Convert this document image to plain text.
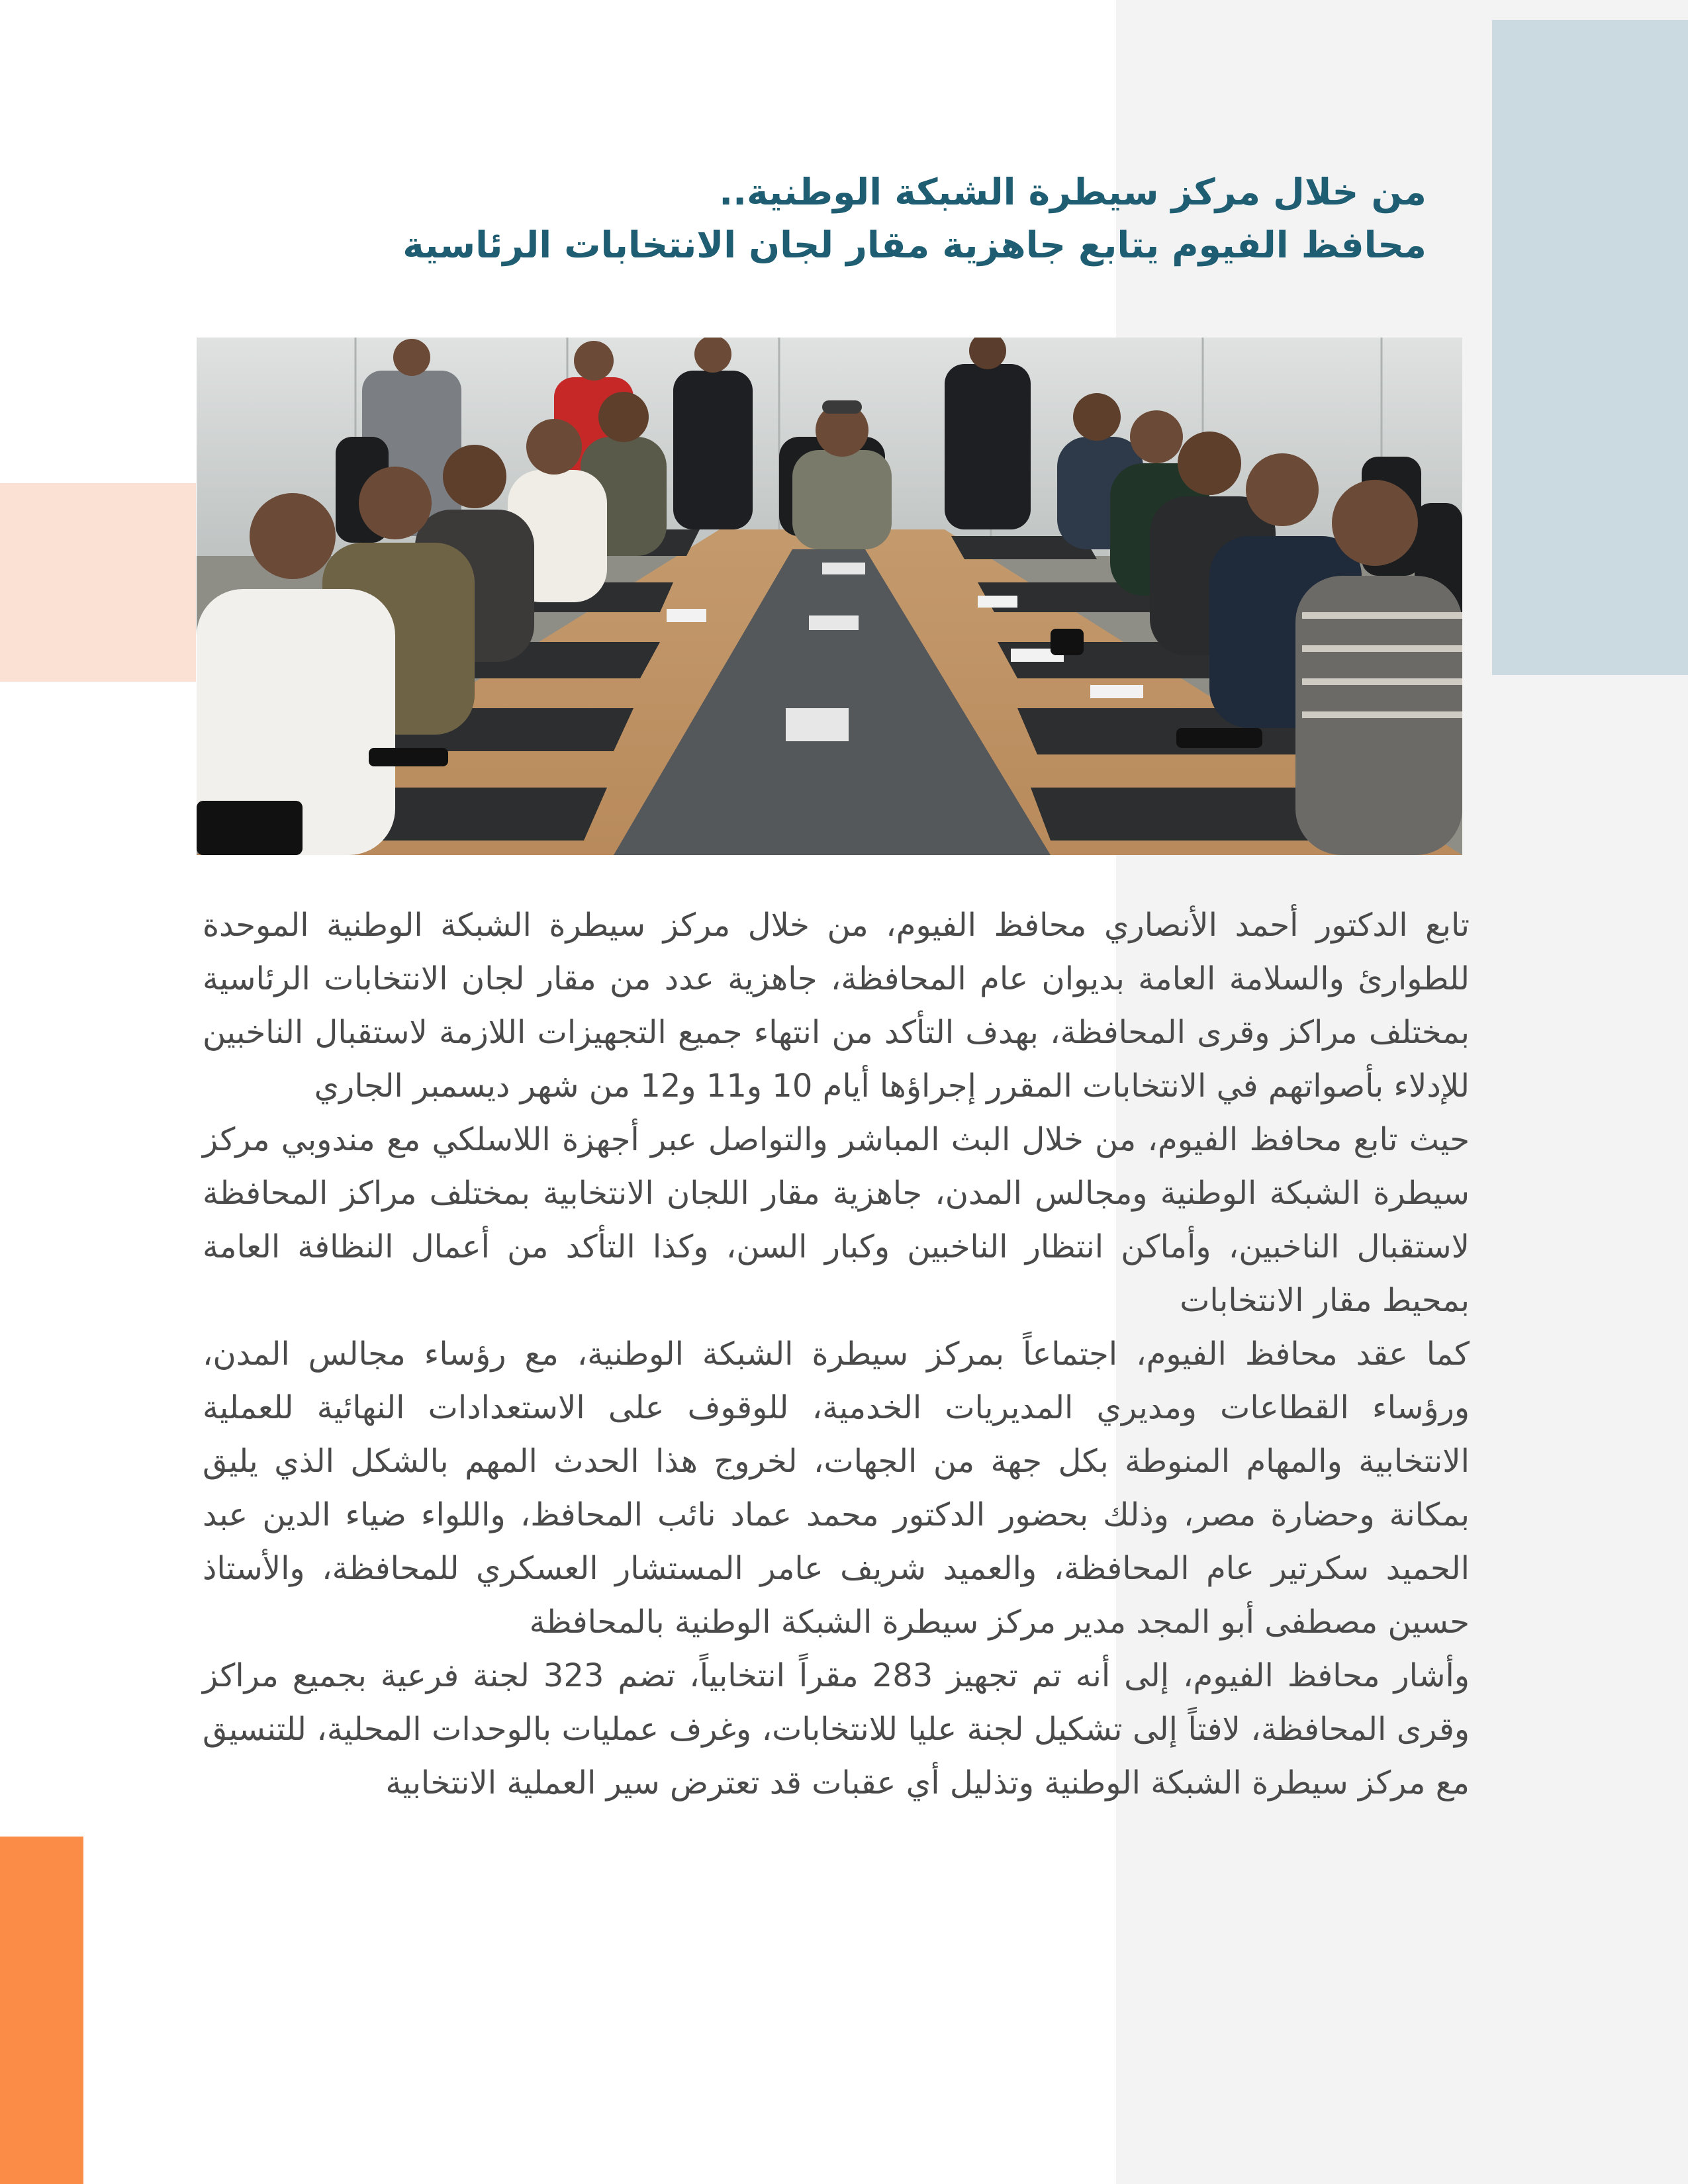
من خلال مركز سيطرة الشبكة الوطنية..
محافظ الفيوم يتابع جاهزية مقار لجان الانتخابات الرئاسية

تابع الدكتور أحمد الأنصاري محافظ الفيوم، من خلال مركز سيطرة الشبكة الوطنية الموحدة للطوارئ والسلامة العامة بديوان عام المحافظة، جاهزية عدد من مقار لجان الانتخابات الرئاسية بمختلف مراكز وقرى المحافظة، بهدف التأكد من انتهاء جميع التجهيزات اللازمة لاستقبال الناخبين للإدلاء بأصواتهم في الانتخابات المقرر إجراؤها أيام 10 و11 و12 من شهر ديسمبر الجاري

حيث تابع محافظ الفيوم، من خلال البث المباشر والتواصل عبر أجهزة اللاسلكي مع مندوبي مركز سيطرة الشبكة الوطنية ومجالس المدن، جاهزية مقار اللجان الانتخابية بمختلف مراكز المحافظة لاستقبال الناخبين، وأماكن انتظار الناخبين وكبار السن، وكذا التأكد من أعمال النظافة العامة بمحيط مقار الانتخابات

كما عقد محافظ الفيوم، اجتماعاً بمركز سيطرة الشبكة الوطنية، مع رؤساء مجالس المدن، ورؤساء القطاعات ومديري المديريات الخدمية، للوقوف على الاستعدادات النهائية للعملية الانتخابية والمهام المنوطة بكل جهة من الجهات، لخروج هذا الحدث المهم بالشكل الذي يليق بمكانة وحضارة مصر، وذلك بحضور الدكتور محمد عماد نائب المحافظ، واللواء ضياء الدين عبد الحميد سكرتير عام المحافظة، والعميد شريف عامر المستشار العسكري للمحافظة، والأستاذ حسين مصطفى أبو المجد مدير مركز سيطرة الشبكة الوطنية بالمحافظة

وأشار محافظ الفيوم، إلى أنه تم تجهيز 283 مقراً انتخابياً، تضم 323 لجنة فرعية بجميع مراكز وقرى المحافظة، لافتاً إلى تشكيل لجنة عليا للانتخابات، وغرف عمليات بالوحدات المحلية، للتنسيق مع مركز سيطرة الشبكة الوطنية وتذليل أي عقبات قد تعترض سير العملية الانتخابية
